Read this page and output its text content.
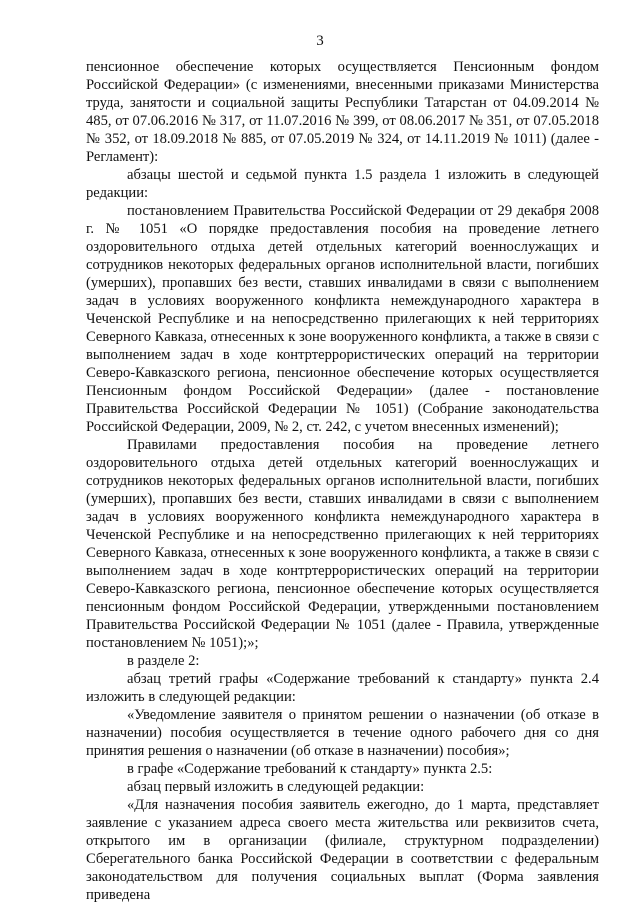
3

пенсионное обеспечение которых осуществляется Пенсионным фондом Российской Федерации» (с изменениями, внесенными приказами Министерства труда, занятости и социальной защиты Республики Татарстан от 04.09.2014 № 485, от 07.06.2016 № 317, от 11.07.2016 № 399, от 08.06.2017 № 351, от 07.05.2018 № 352, от 18.09.2018 № 885, от 07.05.2019 № 324, от 14.11.2019 № 1011) (далее - Регламент):

абзацы шестой и седьмой пункта 1.5 раздела 1 изложить в следующей редакции:

постановлением Правительства Российской Федерации от 29 декабря 2008 г. № 1051 «О порядке предоставления пособия на проведение летнего оздоровительного отдыха детей отдельных категорий военнослужащих и сотрудников некоторых федеральных органов исполнительной власти, погибших (умерших), пропавших без вести, ставших инвалидами в связи с выполнением задач в условиях вооруженного конфликта немеждународного характера в Чеченской Республике и на непосредственно прилегающих к ней территориях Северного Кавказа, отнесенных к зоне вооруженного конфликта, а также в связи с выполнением задач в ходе контртеррористических операций на территории Северо-Кавказского региона, пенсионное обеспечение которых осуществляется Пенсионным фондом Российской Федерации» (далее - постановление Правительства Российской Федерации № 1051) (Собрание законодательства Российской Федерации, 2009, № 2, ст. 242, с учетом внесенных изменений);

Правилами предоставления пособия на проведение летнего оздоровительного отдыха детей отдельных категорий военнослужащих и сотрудников некоторых федеральных органов исполнительной власти, погибших (умерших), пропавших без вести, ставших инвалидами в связи с выполнением задач в условиях вооруженного конфликта немеждународного характера в Чеченской Республике и на непосредственно прилегающих к ней территориях Северного Кавказа, отнесенных к зоне вооруженного конфликта, а также в связи с выполнением задач в ходе контртеррористических операций на территории Северо-Кавказского региона, пенсионное обеспечение которых осуществляется пенсионным фондом Российской Федерации, утвержденными постановлением Правительства Российской Федерации № 1051 (далее - Правила, утвержденные постановлением № 1051);»;

в разделе 2:

абзац третий графы «Содержание требований к стандарту» пункта 2.4 изложить в следующей редакции:

«Уведомление заявителя о принятом решении о назначении (об отказе в назначении) пособия осуществляется в течение одного рабочего дня со дня принятия решения о назначении (об отказе в назначении) пособия»;

в графе «Содержание требований к стандарту» пункта 2.5:

абзац первый изложить в следующей редакции:

«Для назначения пособия заявитель ежегодно, до 1 марта, представляет заявление с указанием адреса своего места жительства или реквизитов счета, открытого им в организации (филиале, структурном подразделении) Сберегательного банка Российской Федерации в соответствии с федеральным законодательством для получения социальных выплат (Форма заявления приведена
